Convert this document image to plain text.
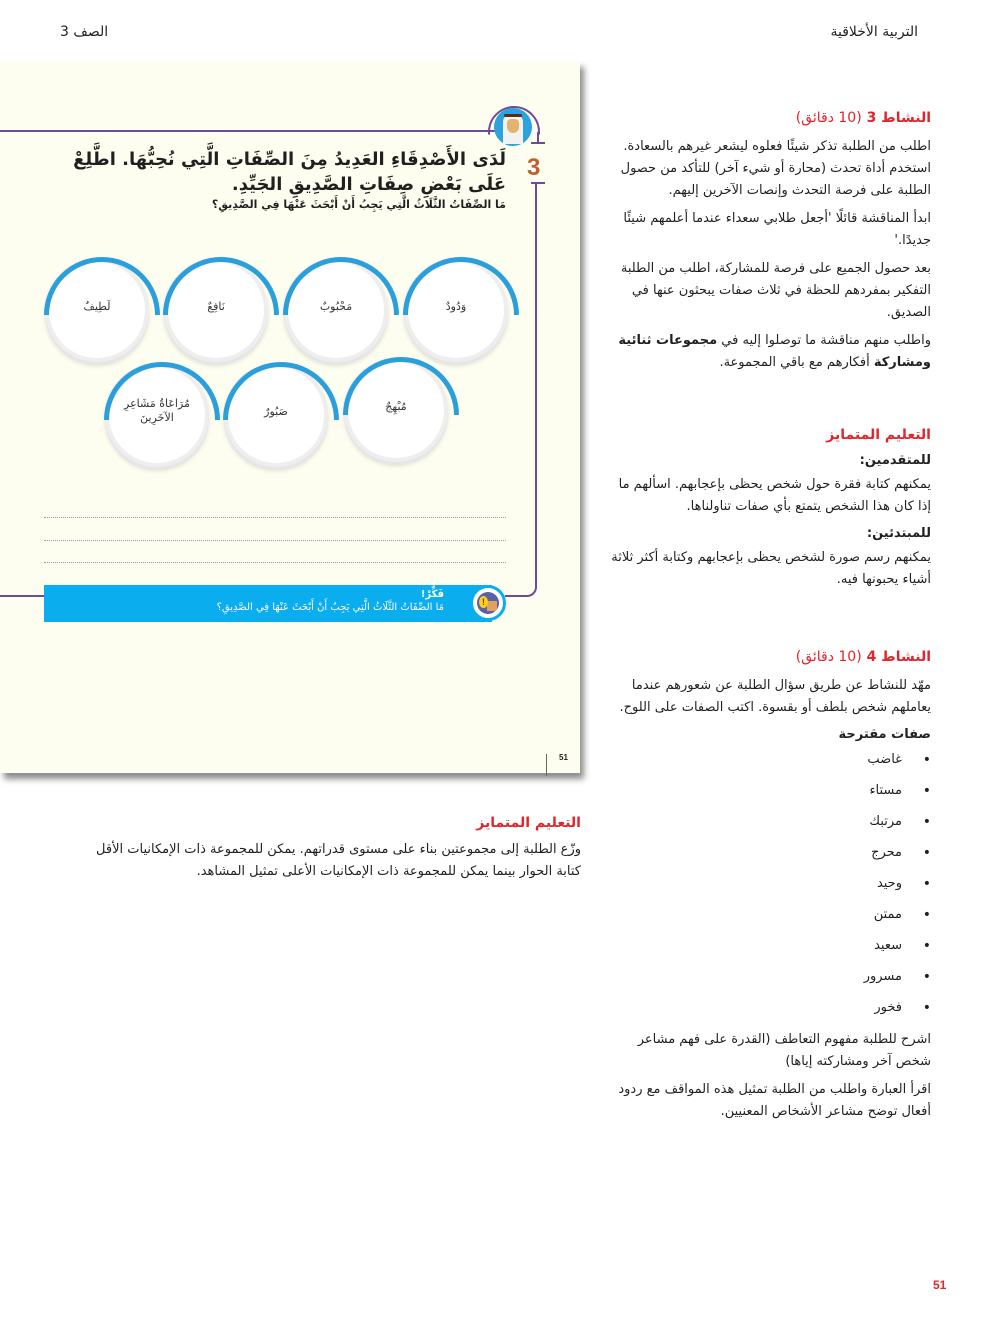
التربية الأخلاقية
الصف 3
3
لَدَى الأَصْدِقَاءِ العَدِيدُ مِنَ الصِّفَاتِ الَّتِي نُحِبُّهَا. اطَّلِعْ عَلَى بَعْضِ صِفَاتِ الصَّدِيقِ الجَيِّدِ.
مَا الصِّفَاتُ الثَّلَاثُ الَّتِي يَجِبُ أَنْ أَبْحَثَ عَنْهَا فِي الصَّدِيقِ؟
وَدُودٌ
مَحْبُوبٌ
نَافِعٌ
لَطِيفٌ
مُبْهِجٌ
صَبُورٌ
مُرَاعَاةُ مَشَاعِرِ الآخَرِينَ
فَكِّرْ!
مَا الصِّفَاتُ الثَّلَاثُ الَّتِي يَجِبُ أَنْ أَبْحَثَ عَنْهَا فِي الصَّدِيقِ؟	!
51
النشاط 3 (10 دقائق)

اطلب من الطلبة تذكر شيئًا فعلوه ليشعر غيرهم بالسعادة. استخدم أداة تحدث (محارة أو شيء آخر) للتأكد من حصول الطلبة على فرصة التحدث وإنصات الآخرين إليهم.

ابدأ المناقشة قائلًا 'أجعل طلابي سعداء عندما أعلمهم شيئًا جديدًا.'

بعد حصول الجميع على فرصة للمشاركة، اطلب من الطلبة التفكير بمفردهم للحظة في ثلاث صفات يبحثون عنها في الصديق.

واطلب منهم مناقشة ما توصلوا إليه في مجموعات ثنائية ومشاركة أفكارهم مع باقي المجموعة.

التعليم المتمايز
للمتقدمين:

يمكنهم كتابة فقرة حول شخص يحظى بإعجابهم. اسألهم ما إذا كان هذا الشخص يتمتع بأي صفات تناولناها.

للمبتدئين:

يمكنهم رسم صورة لشخص يحظى بإعجابهم وكتابة أكثر ثلاثة أشياء يحبونها فيه.

النشاط 4 (10 دقائق)

مهّد للنشاط عن طريق سؤال الطلبة عن شعورهم عندما يعاملهم شخص بلطف أو بقسوة. اكتب الصفات على اللوح.

صفات مقترحة
• غاضب
• مستاء
• مرتبك
• محرج
• وحيد
• ممتن
• سعيد
• مسرور
• فخور

اشرح للطلبة مفهوم التعاطف (القدرة على فهم مشاعر شخص آخر ومشاركته إياها)

اقرأ العبارة واطلب من الطلبة تمثيل هذه المواقف مع ردود أفعال توضح مشاعر الأشخاص المعنيين.

التعليم المتمايز

وزّع الطلبة إلى مجموعتين بناء على مستوى قدراتهم. يمكن للمجموعة ذات الإمكانيات الأقل كتابة الحوار بينما يمكن للمجموعة ذات الإمكانيات الأعلى تمثيل المشاهد.

51
